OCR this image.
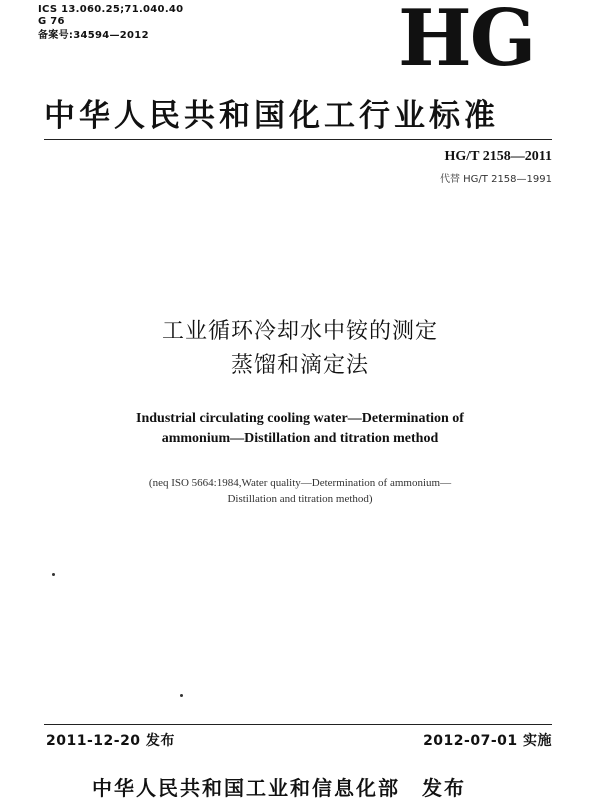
ICS 13.060.25;71.040.40
G 76
备案号:34594—2012	HG
中华人民共和国化工行业标准
HG/T 2158—2011
代替 HG/T 2158—1991
工业循环冷却水中铵的测定
蒸馏和滴定法
Industrial circulating cooling water—Determination of
ammonium—Distillation and titration method
(neq ISO 5664:1984,Water quality—Determination of ammonium—
Distillation and titration method)
2011-12-20 发布	2012-07-01 实施
中华人民共和国工业和信息化部　发布
